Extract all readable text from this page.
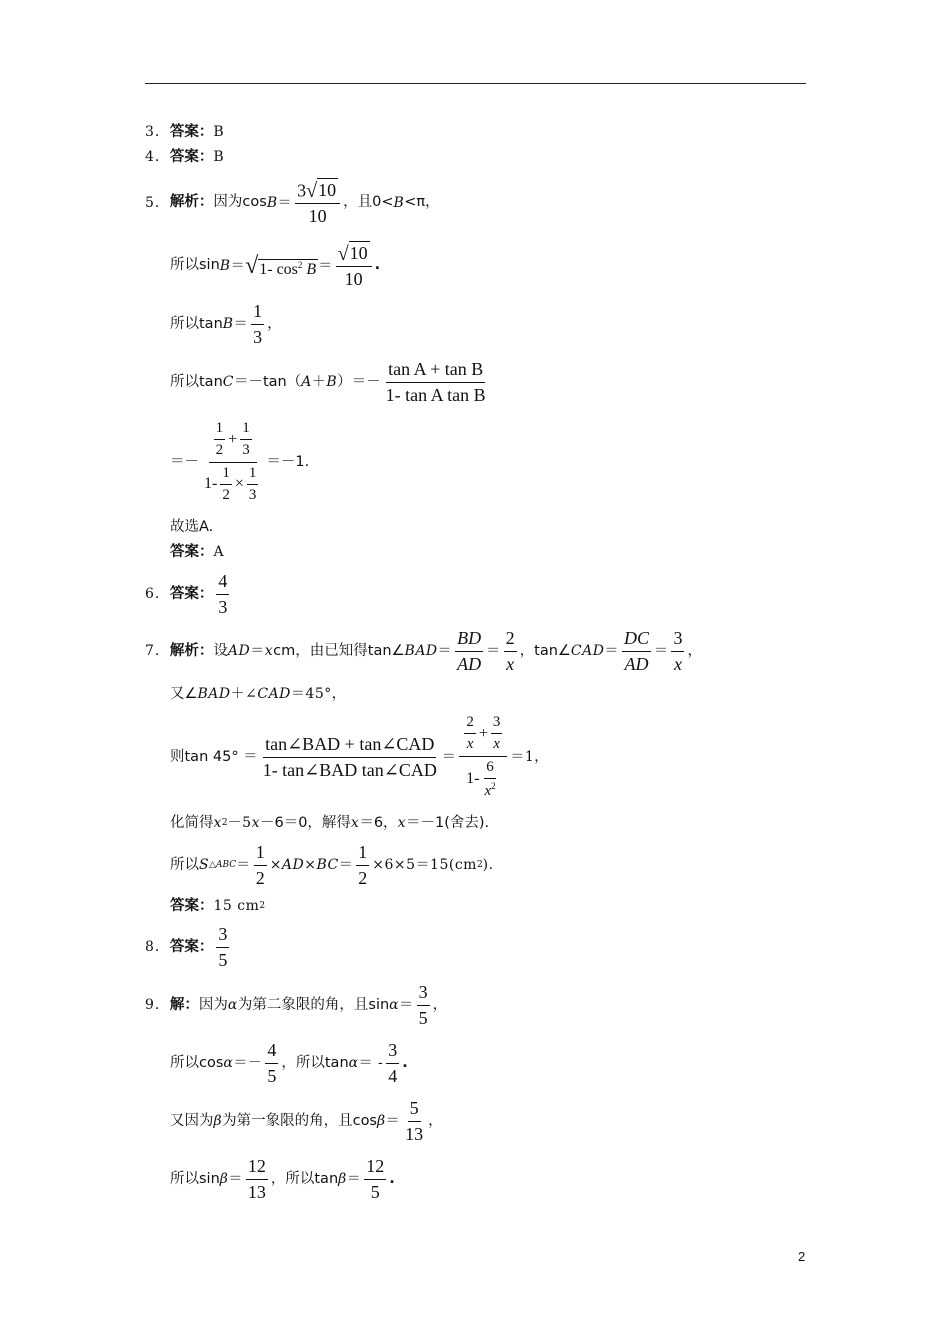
3． 答案： B
4． 答案： B
5． 解析： 因为$\cos B = \frac{3 √ 10}{10}$ ，且0< B <π，
所以sin B ＝ √ 1- $\cos^2 B = \frac{√ 10}{10}$ .
所以$\tan B = \frac{1}{3}$ ，
所以tan C ＝－tan（ A ＋ B ）＝－ $\frac{\text{tan A + tan B}}{\text{1- tan A tan B}}$
＝－ $\frac{\frac{1}{2} + \frac{1}{3}}{1- \frac{1}{2} \times \frac{1}{3}} =-1$.
故选A.
答案： A
6． 答案： $\frac{4}{3}$
7． 解析： 设 AD ＝ x cm，由已知得tan∠ BAD ＝ $\frac{BD}{AD} = \frac{2}{x}$ ，tan∠ CAD ＝ $\frac{DC}{AD} = \frac{3}{x}$ ，
又∠ BAD ＋∠ CAD ＝45°，
则$\tan 45^\circ = \frac{\text{tan∠BAD + tan∠CAD}}{\text{1- tan∠BAD tan∠CAD}} = \frac{\frac{2}{x} + \frac{3}{x}}{1- \frac{6}{x^2}} =1$，
化简得 x 2 －5 x －6＝0，解得 x ＝6， x ＝－1(舍去).
所以 S △ABC ＝ $\frac{1}{2}$ × AD × BC ＝ $\frac{1}{2} \times 6\times 5=15(cm$ 2 ).
答案： 15 cm 2
8． 答案： $\frac{3}{5}$
9． 解： 因为 α 为第二象限的角，且$\sin \alpha = \frac{3}{5}$ ，
所以$\cos \alpha =- \frac{4}{5}$ ，所以tan α ＝ - $\frac{3}{4}$ .
又因为 β 为第一象限的角，且$\cos \beta = \frac{5}{13}$ ，
所以$\sin \beta = \frac{12}{13}$ ，所以$\tan \beta = \frac{12}{5}$ .
2
